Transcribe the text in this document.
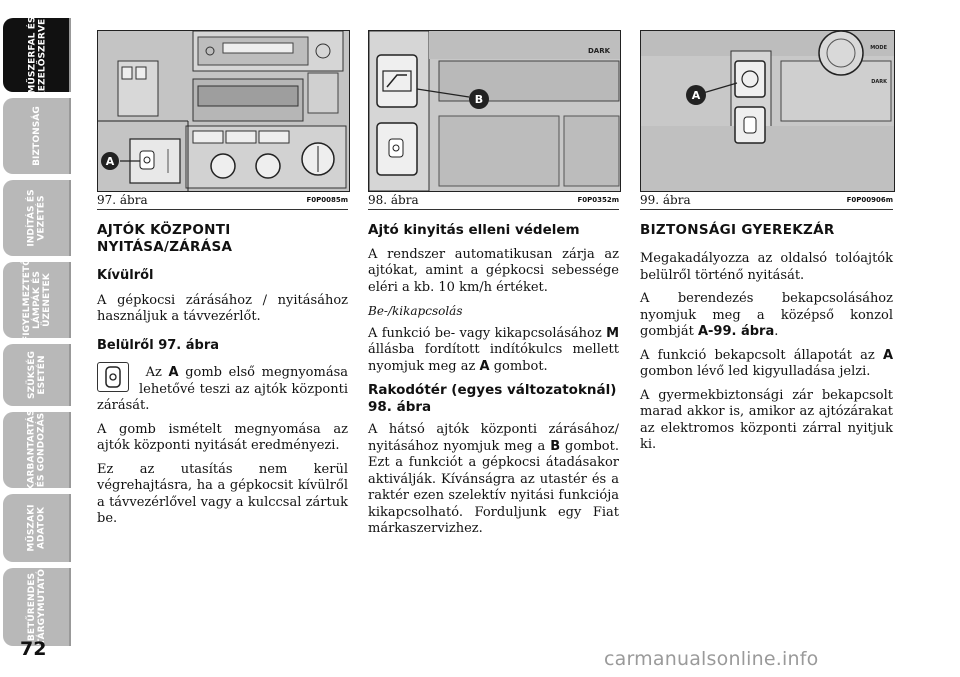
MŰSZERFAL ÉS KEZELŐSZERVEK
BIZTONSÁG
INDÍTÁS ÉS VEZETÉS
FIGYELMEZTETŐ LÁMPÁK ÉS ÜZENETEK
SZÜKSÉG ESETÉN
KARBANTARTÁS ÉS GONDOZÁS
MŰSZAKI ADATOK
BETŰRENDES TÁRGYMUTATÓ
72
A
97. ábra	F0P0085m
DARK
B
98. ábra	F0P0352m
MODE
DARK
A
99. ábra	F0P00906m
AJTÓK KÖZPONTI
NYITÁSA/ZÁRÁSA
Kívülről

A gépkocsi zárásához / nyitásához használjuk a távvezérlőt.

Belülről 97. ábra

Az A gomb első megnyomása lehetővé teszi az ajtók központi zárását.

A gomb ismételt megnyomása az ajtók központi nyitását eredményezi.

Ez az utasítás nem kerül végrehajtásra, ha a gépkocsit kívülről a távvezérlővel vagy a kulccsal zártuk be.

Ajtó kinyitás elleni védelem

A rendszer automatikusan zárja az ajtókat, amint a gépkocsi sebessége eléri a kb. 10 km/h értéket.

Be-/kikapcsolás

A funkció be- vagy kikapcsolásához M állásba fordított indítókulcs mellett nyomjuk meg az A gombot.

Rakodótér (egyes változatoknál)
98. ábra

A hátsó ajtók központi zárásához/ nyitásához nyomjuk meg a B gombot. Ezt a funkciót a gépkocsi átadásakor aktiválják. Kívánságra az utastér és a raktér ezen szelektív nyitási funkciója kikapcsolható. Forduljunk egy Fiat márkaszervizhez.

BIZTONSÁGI GYEREKZÁR

Megakadályozza az oldalsó tolóajtók belülről történő nyitását.

A berendezés bekapcsolásához nyomjuk meg a középső konzol gombját A-99. ábra.

A funkció bekapcsolt állapotát az A gombon lévő led kigyulladása jelzi.

A gyermekbiztonsági zár bekapcsolt marad akkor is, amikor az ajtózárakat az elektromos központi zárral nyitjuk ki.

carmanualsonline.info
